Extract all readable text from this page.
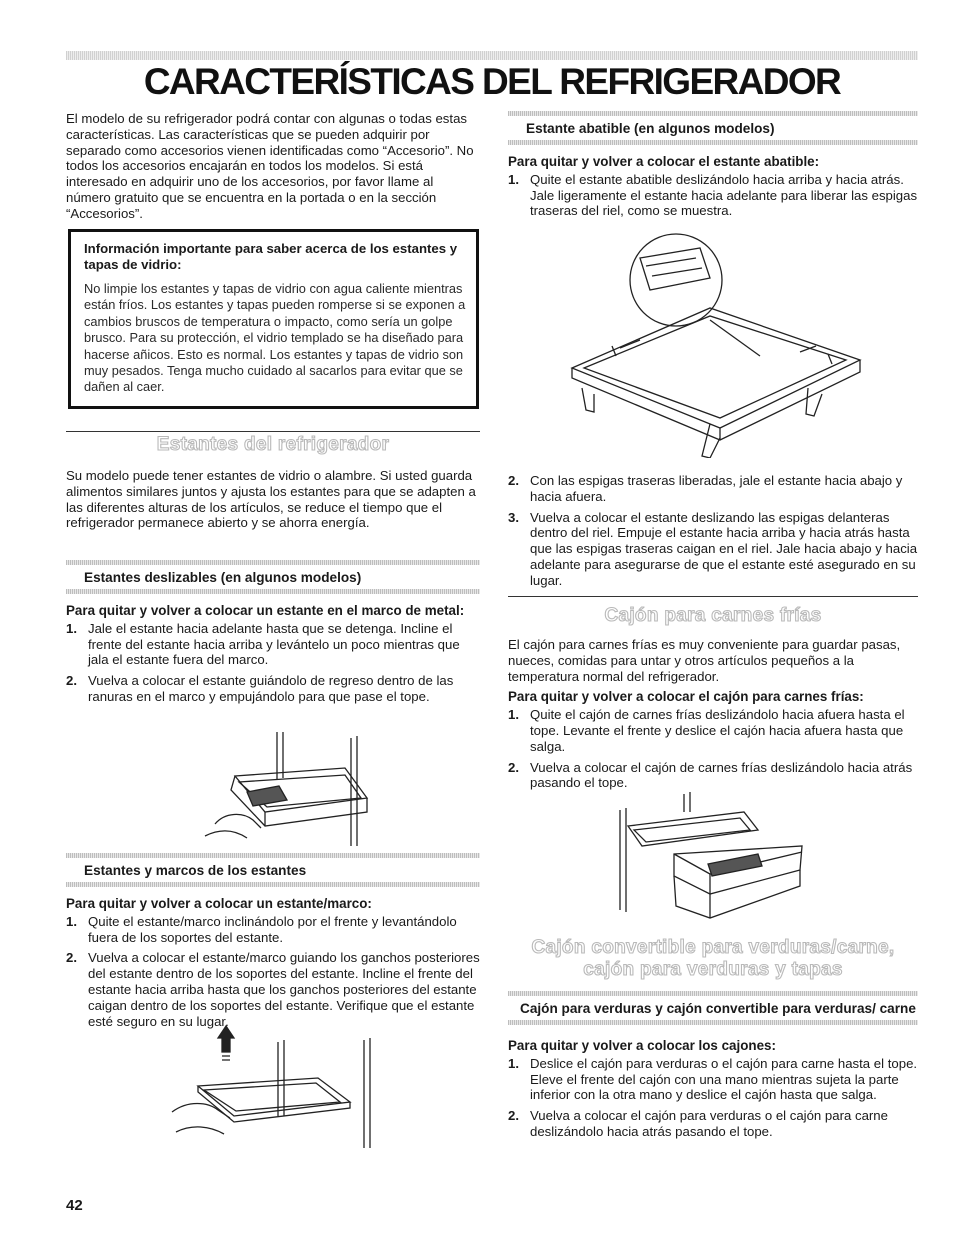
CARACTERÍSTICAS DEL REFRIGERADOR

El modelo de su refrigerador podrá contar con algunas o todas estas características. Las características que se pueden adquirir por separado como accesorios vienen identificadas como “Accesorio”. No todos los accesorios encajarán en todos los modelos. Si está interesado en adquirir uno de los accesorios, por favor llame al número gratuito que se encuentra en la portada o en la sección “Accesorios”.

Información importante para saber acerca de los estantes y tapas de vidrio:
No limpie los estantes y tapas de vidrio con agua caliente mientras están fríos. Los estantes y tapas pueden romperse si se exponen a cambios bruscos de temperatura o impacto, como sería un golpe brusco. Para su protección, el vidrio templado se ha diseñado para hacerse añicos. Esto es normal. Los estantes y tapas de vidrio son muy pesados. Tenga mucho cuidado al sacarlos para evitar que se dañen al caer.
Estantes del refrigerador

Su modelo puede tener estantes de vidrio o alambre. Si usted guarda alimentos similares juntos y ajusta los estantes para que se adapten a las diferentes alturas de los artículos, se reduce el tiempo que el refrigerador permanece abierto y se ahorra energía.

Estantes deslizables (en algunos modelos)
Para quitar y volver a colocar un estante en el marco de metal:
1. Jale el estante hacia adelante hasta que se detenga. Incline el frente del estante hacia arriba y levántelo un poco mientras que jala el estante fuera del marco.
2. Vuelva a colocar el estante guiándolo de regreso dentro de las ranuras en el marco y empujándolo para que pase el tope.
Estantes y marcos de los estantes
Para quitar y volver a colocar un estante/marco:
1. Quite el estante/marco inclinándolo por el frente y levantándolo fuera de los soportes del estante.
2. Vuelva a colocar el estante/marco guiando los ganchos posteriores del estante dentro de los soportes del estante. Incline el frente del estante hacia arriba hasta que los ganchos posteriores del estante caigan dentro de los soportes del estante. Verifique que el estante esté seguro en su lugar.
42
Estante abatible (en algunos modelos)
Para quitar y volver a colocar el estante abatible:
1. Quite el estante abatible deslizándolo hacia arriba y hacia atrás. Jale ligeramente el estante hacia adelante para liberar las espigas traseras del riel, como se muestra.
2. Con las espigas traseras liberadas, jale el estante hacia abajo y hacia afuera.
3. Vuelva a colocar el estante deslizando las espigas delanteras dentro del riel. Empuje el estante hacia arriba y hacia atrás hasta que las espigas traseras caigan en el riel. Jale hacia abajo y hacia adelante para asegurarse de que el estante esté asegurado en su lugar.
Cajón para carnes frías

El cajón para carnes frías es muy conveniente para guardar pasas, nueces, comidas para untar y otros artículos pequeños a la temperatura normal del refrigerador.

Para quitar y volver a colocar el cajón para carnes frías:
1. Quite el cajón de carnes frías deslizándolo hacia afuera hasta el tope. Levante el frente y deslice el cajón hacia afuera hasta que salga.
2. Vuelva a colocar el cajón de carnes frías deslizándolo hacia atrás pasando el tope.
Cajón convertible para verduras/carne,
cajón para verduras y tapas
Cajón para verduras y cajón convertible para verduras/ carne
Para quitar y volver a colocar los cajones:
1. Deslice el cajón para verduras o el cajón para carne hasta el tope. Eleve el frente del cajón con una mano mientras sujeta la parte inferior con la otra mano y deslice el cajón hasta que salga.
2. Vuelva a colocar el cajón para verduras o el cajón para carne deslizándolo hacia atrás pasando el tope.
